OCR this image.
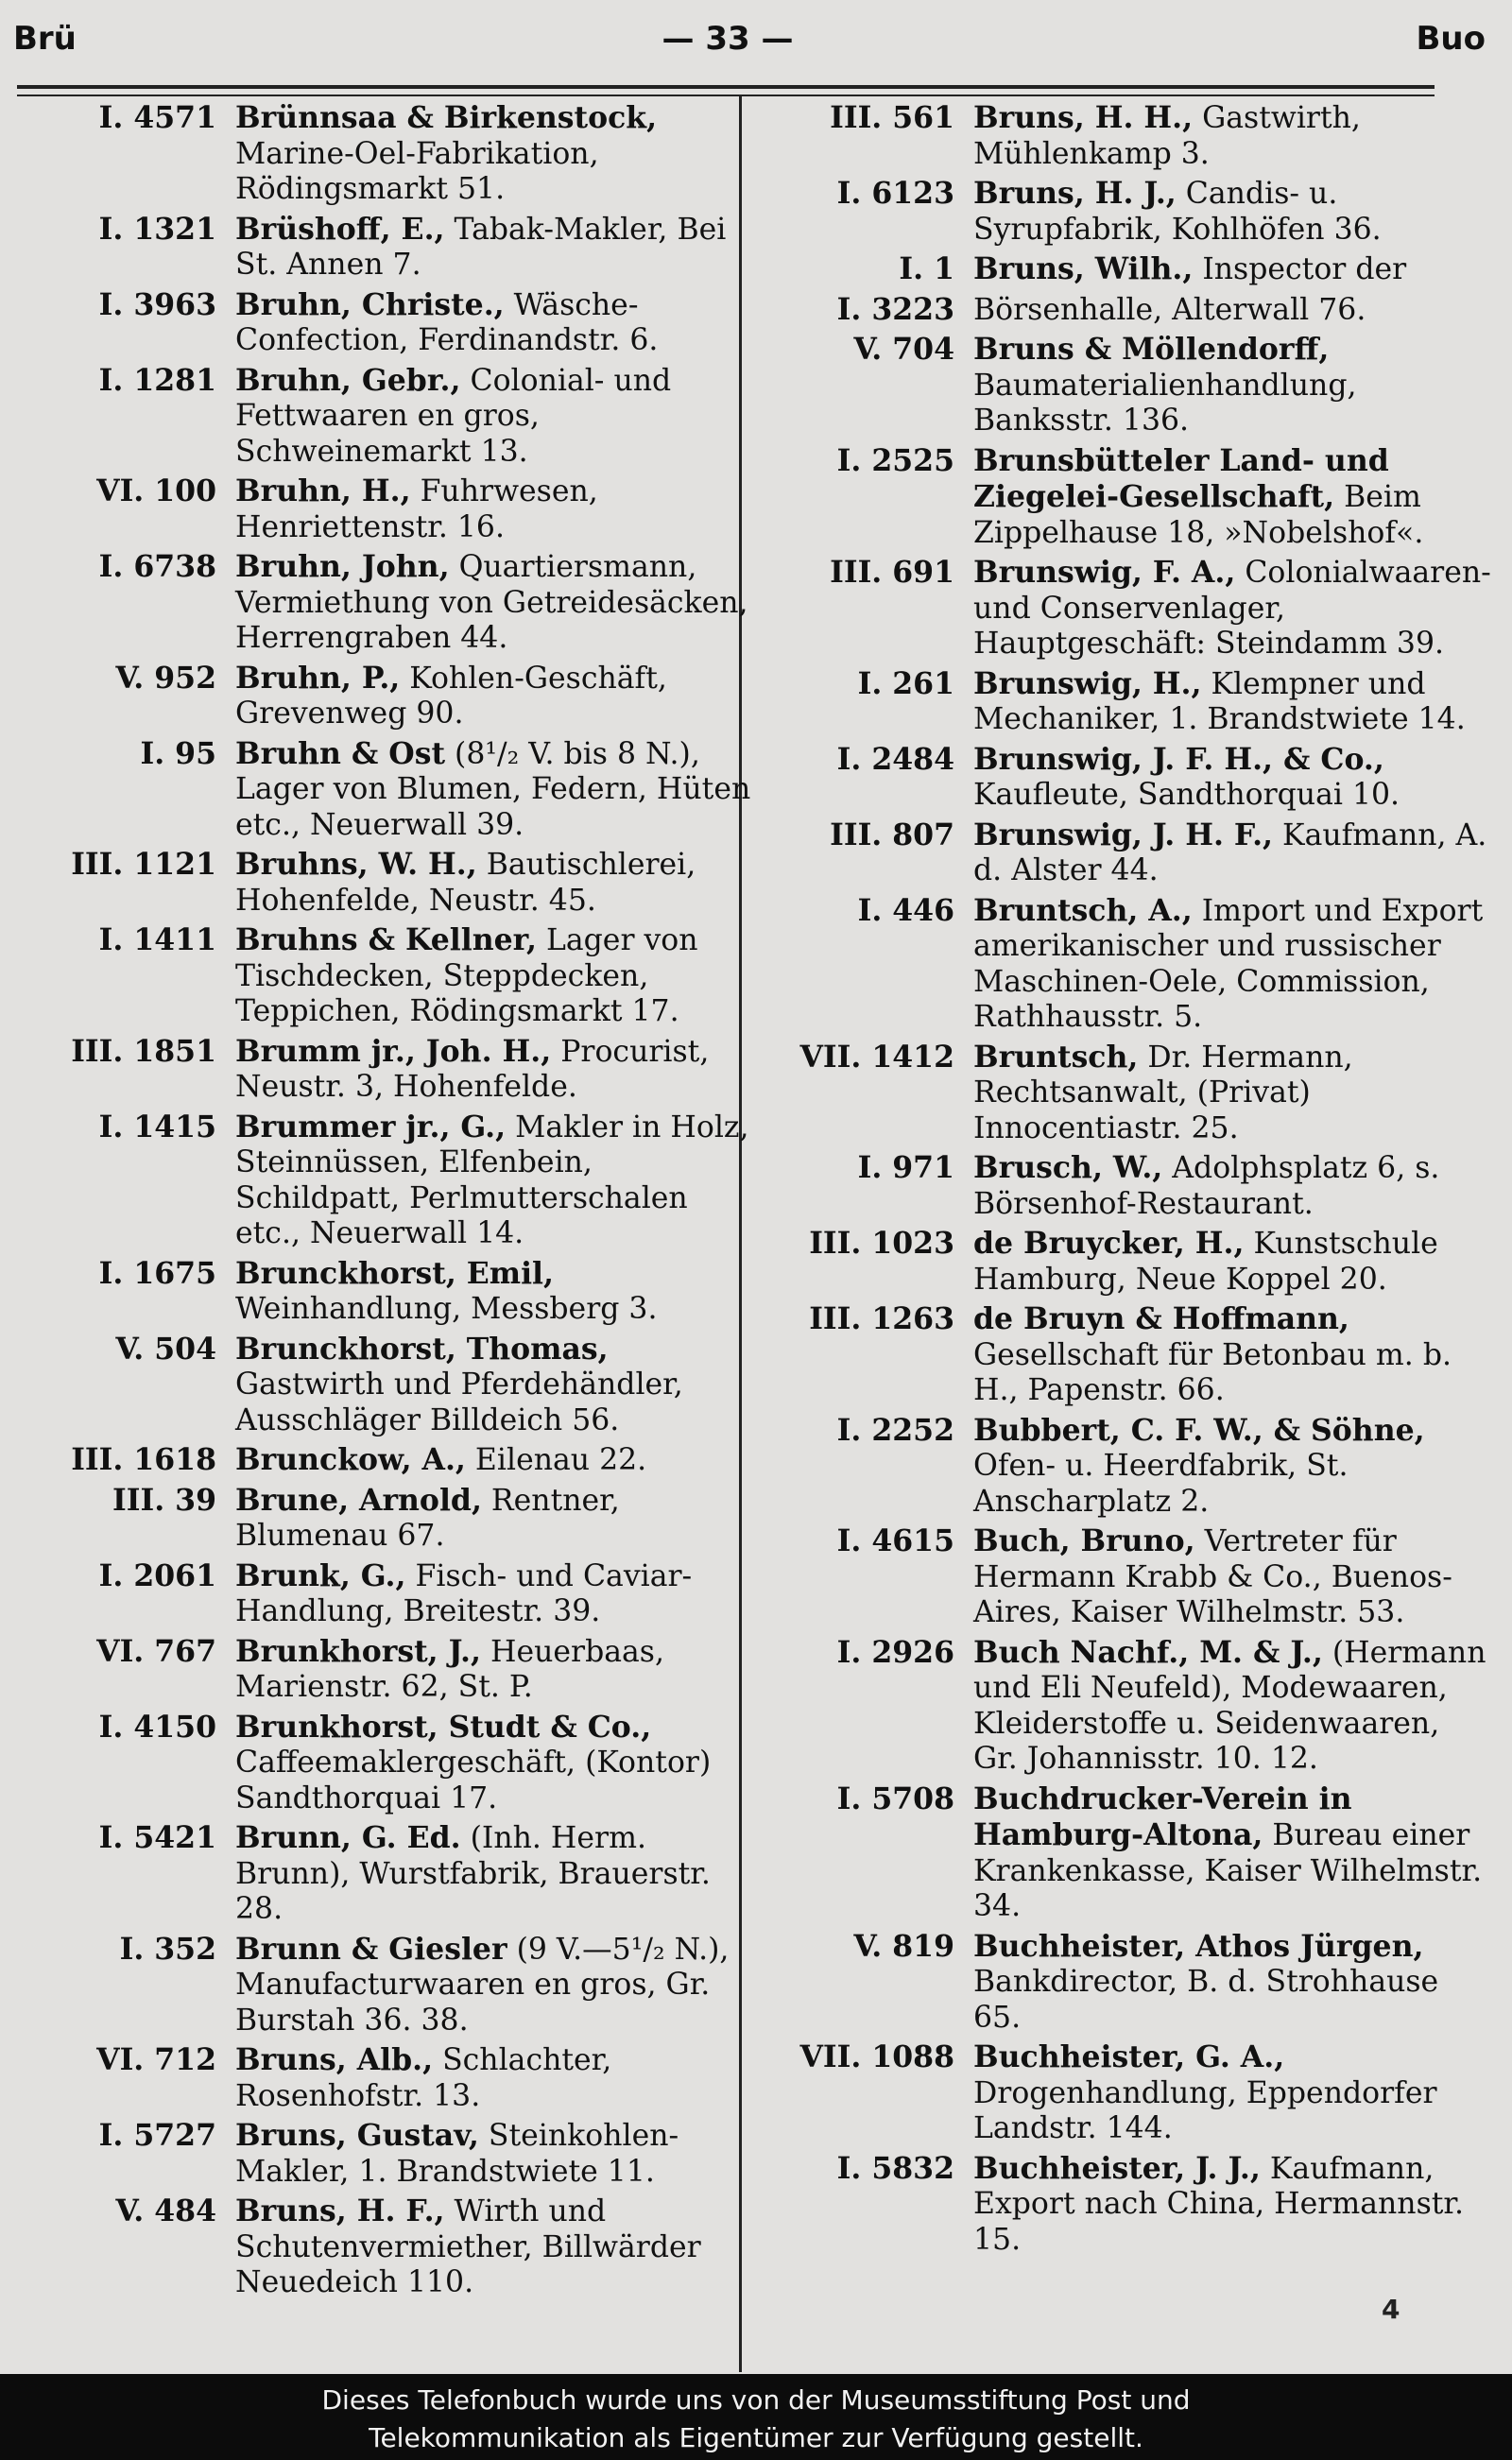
Brü	— 33 —	Buo
I. 4571 Brünnsaa & Birkenstock, Marine-Oel-Fabrikation, Rödingsmarkt 51.
I. 1321 Brüshoff, E., Tabak-Makler, Bei St. Annen 7.
I. 3963 Bruhn, Christe., Wäsche-Confection, Ferdinandstr. 6.
I. 1281 Bruhn, Gebr., Colonial- und Fettwaaren en gros, Schweinemarkt 13.
VI. 100 Bruhn, H., Fuhrwesen, Henriettenstr. 16.
I. 6738 Bruhn, John, Quartiersmann, Vermiethung von Getreidesäcken, Herrengraben 44.
V. 952 Bruhn, P., Kohlen-Geschäft, Grevenweg 90.
I. 95 Bruhn & Ost (8¹/₂ V. bis 8 N.), Lager von Blumen, Federn, Hüten etc., Neuerwall 39.
III. 1121 Bruhns, W. H., Bautischlerei, Hohenfelde, Neustr. 45.
I. 1411 Bruhns & Kellner, Lager von Tischdecken, Steppdecken, Teppichen, Rödingsmarkt 17.
III. 1851 Brumm jr., Joh. H., Procurist, Neustr. 3, Hohenfelde.
I. 1415 Brummer jr., G., Makler in Holz, Steinnüssen, Elfenbein, Schildpatt, Perlmutterschalen etc., Neuerwall 14.
I. 1675 Brunckhorst, Emil, Weinhandlung, Messberg 3.
V. 504 Brunckhorst, Thomas, Gastwirth und Pferdehändler, Ausschläger Billdeich 56.
III. 1618 Brunckow, A., Eilenau 22.
III. 39 Brune, Arnold, Rentner, Blumenau 67.
I. 2061 Brunk, G., Fisch- und Caviar-Handlung, Breitestr. 39.
VI. 767 Brunkhorst, J., Heuerbaas, Marienstr. 62, St. P.
I. 4150 Brunkhorst, Studt & Co., Caffeemaklergeschäft, (Kontor) Sandthorquai 17.
I. 5421 Brunn, G. Ed. (Inh. Herm. Brunn), Wurstfabrik, Brauerstr. 28.
I. 352 Brunn & Giesler (9 V.—5¹/₂ N.), Manufacturwaaren en gros, Gr. Burstah 36. 38.
VI. 712 Bruns, Alb., Schlachter, Rosenhofstr. 13.
I. 5727 Bruns, Gustav, Steinkohlen-Makler, 1. Brandstwiete 11.
V. 484 Bruns, H. F., Wirth und Schutenvermiether, Billwärder Neuedeich 110.
III. 561 Bruns, H. H., Gastwirth, Mühlenkamp 3.
I. 6123 Bruns, H. J., Candis- u. Syrupfabrik, Kohlhöfen 36.
I. 1 Bruns, Wilh., Inspector der
I. 3223 Börsenhalle, Alterwall 76.
V. 704 Bruns & Möllendorff, Baumaterialienhandlung, Banksstr. 136.
I. 2525 Brunsbütteler Land- und Ziegelei-Gesellschaft, Beim Zippelhause 18, »Nobelshof«.
III. 691 Brunswig, F. A., Colonialwaaren- und Conservenlager, Hauptgeschäft: Steindamm 39.
I. 261 Brunswig, H., Klempner und Mechaniker, 1. Brandstwiete 14.
I. 2484 Brunswig, J. F. H., & Co., Kaufleute, Sandthorquai 10.
III. 807 Brunswig, J. H. F., Kaufmann, A. d. Alster 44.
I. 446 Bruntsch, A., Import und Export amerikanischer und russischer Maschinen-Oele, Commission, Rathhausstr. 5.
VII. 1412 Bruntsch, Dr. Hermann, Rechtsanwalt, (Privat) Innocentiastr. 25.
I. 971 Brusch, W., Adolphsplatz 6, s. Börsenhof-Restaurant.
III. 1023 de Bruycker, H., Kunstschule Hamburg, Neue Koppel 20.
III. 1263 de Bruyn & Hoffmann, Gesellschaft für Betonbau m. b. H., Papenstr. 66.
I. 2252 Bubbert, C. F. W., & Söhne, Ofen- u. Heerdfabrik, St. Anscharplatz 2.
I. 4615 Buch, Bruno, Vertreter für Hermann Krabb & Co., Buenos-Aires, Kaiser Wilhelmstr. 53.
I. 2926 Buch Nachf., M. & J., (Hermann und Eli Neufeld), Modewaaren, Kleiderstoffe u. Seidenwaaren, Gr. Johannisstr. 10. 12.
I. 5708 Buchdrucker-Verein in Hamburg-Altona, Bureau einer Krankenkasse, Kaiser Wilhelmstr. 34.
V. 819 Buchheister, Athos Jürgen, Bankdirector, B. d. Strohhause 65.
VII. 1088 Buchheister, G. A., Drogenhandlung, Eppendorfer Landstr. 144.
I. 5832 Buchheister, J. J., Kaufmann, Export nach China, Hermannstr. 15.
4
Dieses Telefonbuch wurde uns von der Museumsstiftung Post und
Telekommunikation als Eigentümer zur Verfügung gestellt.
